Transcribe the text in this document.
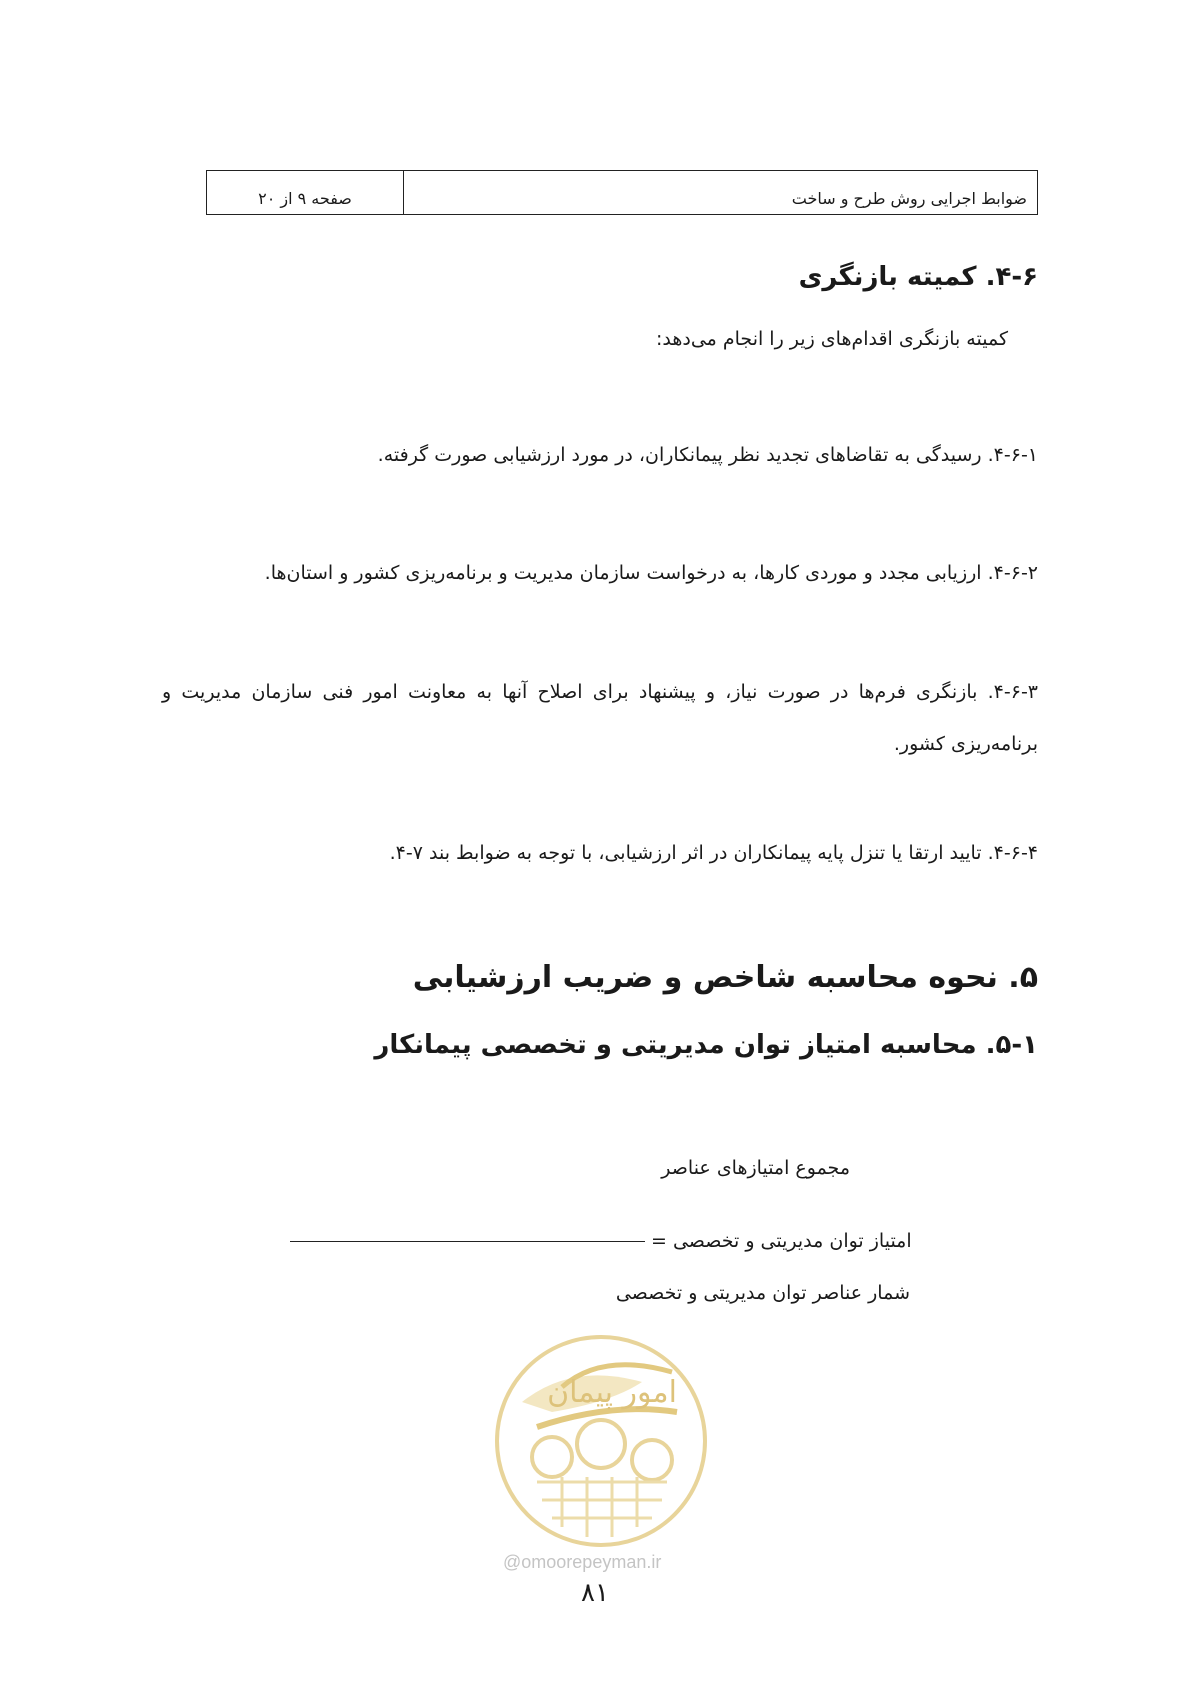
ضوابط اجرایی روش طرح و ساخت
صفحه ۹ از ۲۰
۴-۶. کمیته بازنگری
کمیته بازنگری اقدام‌های زیر را انجام می‌دهد:
۴-۶-۱. رسیدگی به تقاضاهای تجدید نظر پیمانکاران، در مورد ارزشیابی صورت گرفته.
۴-۶-۲. ارزیابی مجدد و موردی کارها، به درخواست سازمان مدیریت و برنامه‌ریزی کشور و استان‌ها.
۴-۶-۳. بازنگری فرم‌ها در صورت نیاز، و پیشنهاد برای اصلاح آنها به معاونت امور فنی سازمان مدیریت و برنامه‌ریزی کشور.
۴-۶-۴. تایید ارتقا یا تنزل پایه پیمانکاران در اثر ارزشیابی، با توجه به ضوابط بند ۷-۴.
۵. نحوه محاسبه شاخص و ضریب ارزشیابی
۵-۱. محاسبه امتیاز توان مدیریتی و تخصصی پیمانکار
مجموع امتیازهای عناصر
امتیاز توان مدیریتی و تخصصی =
شمار عناصر توان مدیریتی و تخصصی
امور پیمان
@omoorepeyman.ir
۸۱
